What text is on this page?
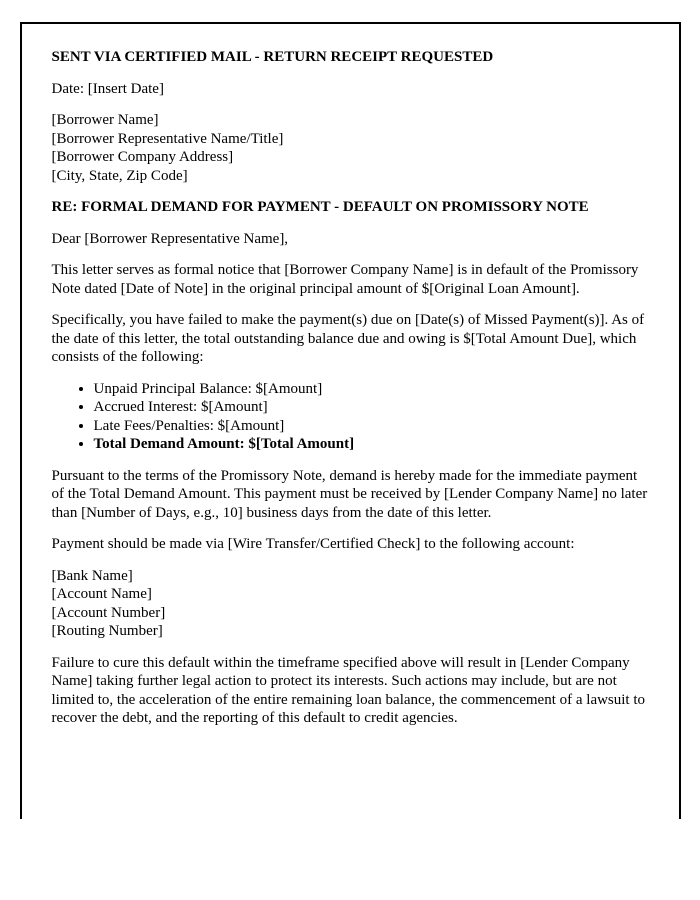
SENT VIA CERTIFIED MAIL - RETURN RECEIPT REQUESTED

Date: [Insert Date]

[Borrower Name]
[Borrower Representative Name/Title]
[Borrower Company Address]
[City, State, Zip Code]

RE: FORMAL DEMAND FOR PAYMENT - DEFAULT ON PROMISSORY NOTE

Dear [Borrower Representative Name],

This letter serves as formal notice that [Borrower Company Name] is in default of the Promissory Note dated [Date of Note] in the original principal amount of $[Original Loan Amount].

Specifically, you have failed to make the payment(s) due on [Date(s) of Missed Payment(s)]. As of the date of this letter, the total outstanding balance due and owing is $[Total Amount Due], which consists of the following:

• Unpaid Principal Balance: $[Amount]
• Accrued Interest: $[Amount]
• Late Fees/Penalties: $[Amount]
• Total Demand Amount: $[Total Amount]

Pursuant to the terms of the Promissory Note, demand is hereby made for the immediate payment of the Total Demand Amount. This payment must be received by [Lender Company Name] no later than [Number of Days, e.g., 10] business days from the date of this letter.

Payment should be made via [Wire Transfer/Certified Check] to the following account:

[Bank Name]
[Account Name]
[Account Number]
[Routing Number]

Failure to cure this default within the timeframe specified above will result in [Lender Company Name] taking further legal action to protect its interests. Such actions may include, but are not limited to, the acceleration of the entire remaining loan balance, the commencement of a lawsuit to recover the debt, and the reporting of this default to credit agencies.
